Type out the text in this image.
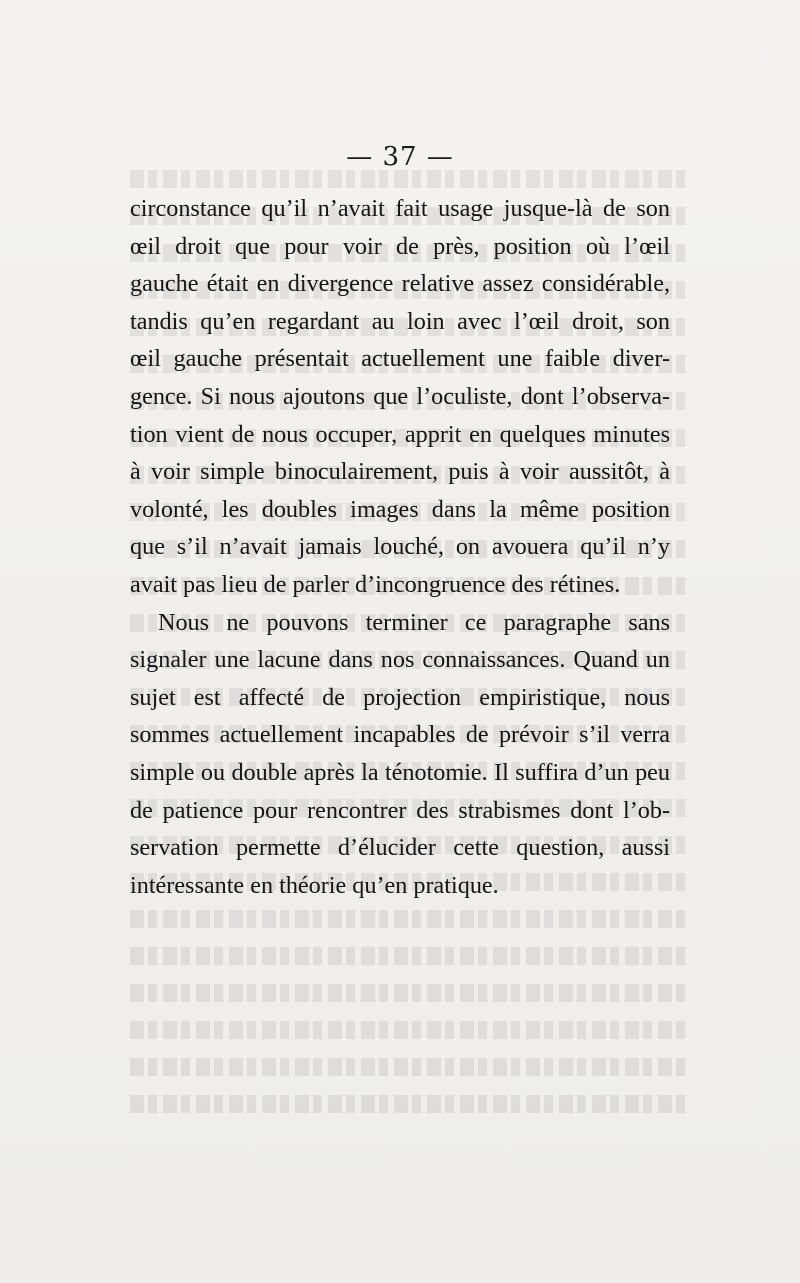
— 37 —
circonstance qu’il n’avait fait usage jusque-là de son
œil droit que pour voir de près, position où l’œil
gauche était en divergence relative assez considérable,
tandis qu’en regardant au loin avec l’œil droit, son
œil gauche présentait actuellement une faible diver-
gence. Si nous ajoutons que l’oculiste, dont l’observa-
tion vient de nous occuper, apprit en quelques minutes
à voir simple binoculairement, puis à voir aussitôt, à
volonté, les doubles images dans la même position
que s’il n’avait jamais louché, on avouera qu’il n’y
avait pas lieu de parler d’incongruence des rétines.
Nous ne pouvons terminer ce paragraphe sans
signaler une lacune dans nos connaissances. Quand un
sujet est affecté de projection empiristique, nous
sommes actuellement incapables de prévoir s’il verra
simple ou double après la ténotomie. Il suffira d’un peu
de patience pour rencontrer des strabismes dont l’ob-
servation permette d’élucider cette question, aussi
intéressante en théorie qu’en pratique.
